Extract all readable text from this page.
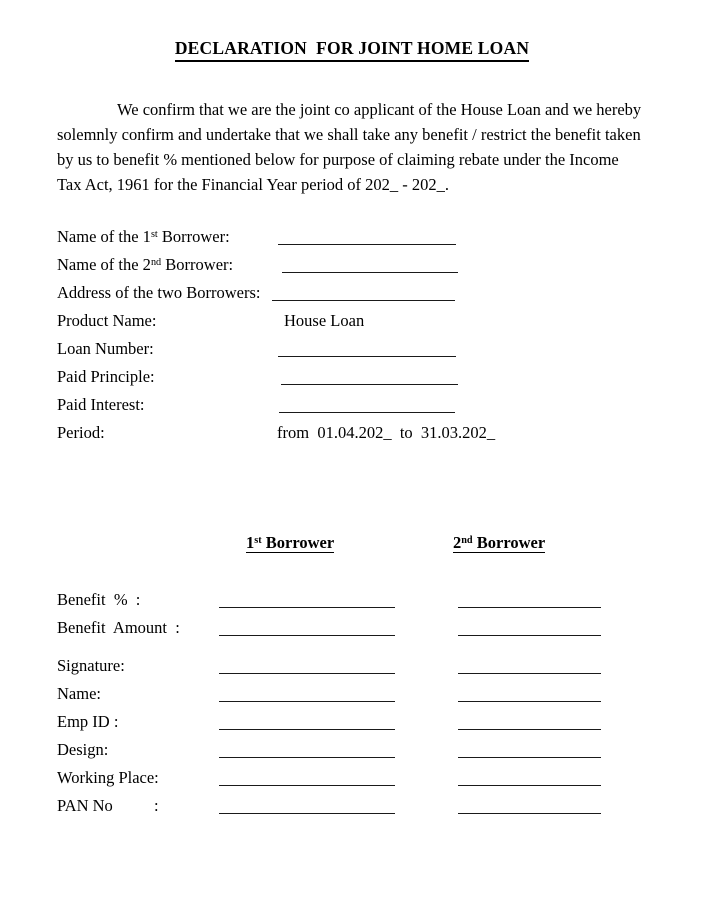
DECLARATION  FOR JOINT HOME LOAN
We confirm that we are the joint co applicant of the House Loan and we hereby solemnly confirm and undertake that we shall take any benefit / restrict the benefit taken by us to benefit % mentioned below for purpose of claiming rebate under the Income Tax Act, 1961 for the Financial Year period of 202_ - 202_.
Name of the 1st Borrower:
Name of the 2nd Borrower:
Address of the two Borrowers:
Product Name:	House Loan
Loan Number:
Paid Principle:
Paid Interest:
Period:	from  01.04.202_  to  31.03.202_
1st Borrower	2nd Borrower
Benefit  %  :
Benefit  Amount  :
Signature:
Name:
Emp ID :
Design:
Working Place:
PAN No          :
